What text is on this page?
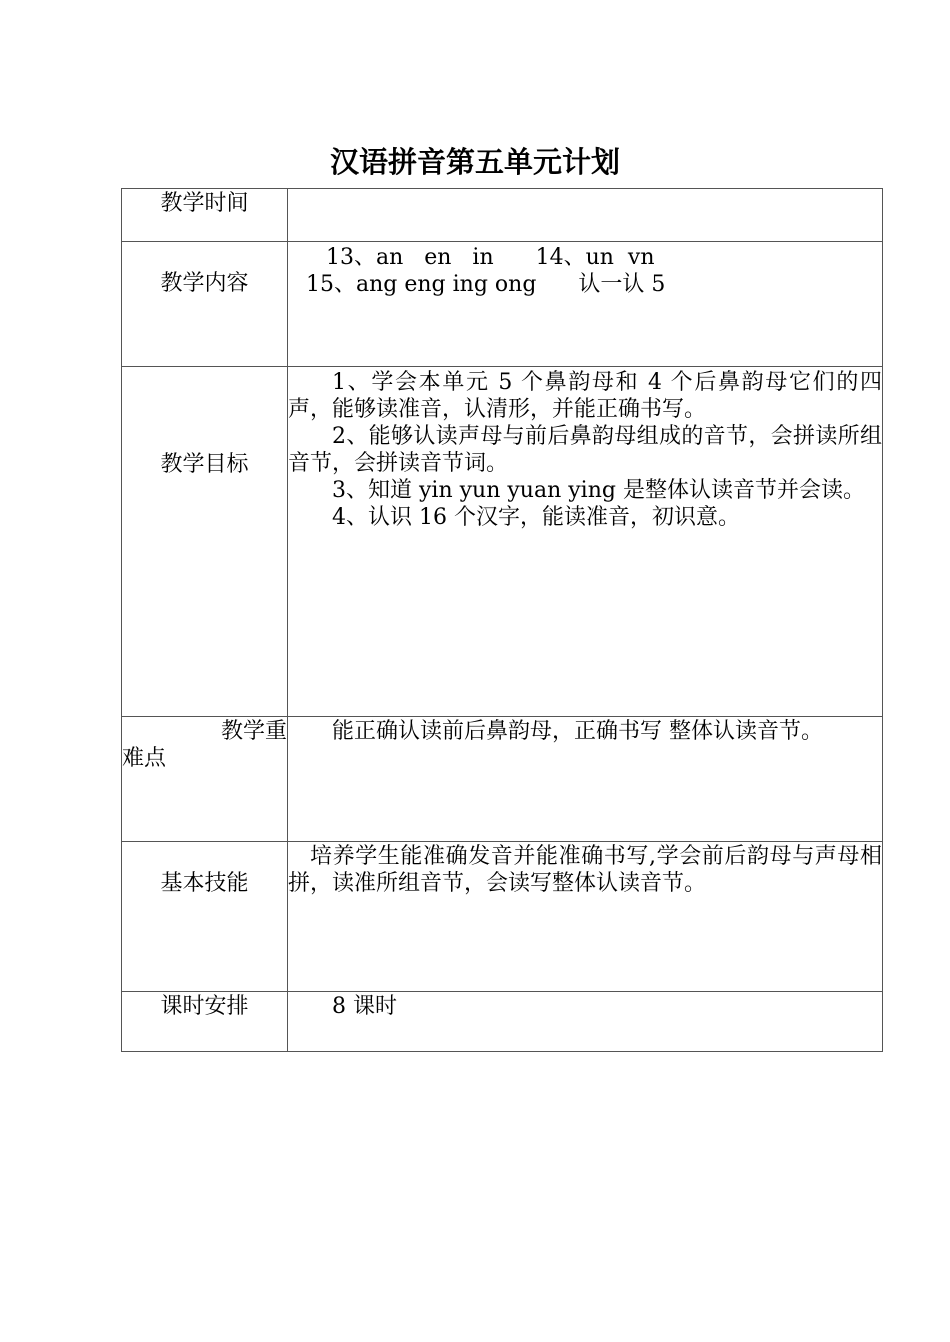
汉语拼音第五单元计划
教学时间	

教学内容	13、an   en   in      14、un  vn
15、ang eng ing ong      认一认 5

教学目标	1、学会本单元 5 个鼻韵母和 4 个后鼻韵母它们的四声，能够读准音，认清形，并能正确书写。

2、能够认读声母与前后鼻韵母组成的音节，会拼读所组音节，会拼读音节词。

3、知道 yin yun yuan ying 是整体认读音节并会读。

4、认识 16 个汉字，能读准音，初识意。

教学重
难点	能正确认读前后鼻韵母，正确书写 整体认读音节。

基本技能	培养学生能准确发音并能准确书写,学会前后韵母与声母相拼，读准所组音节，会读写整体认读音节。

课时安排	8 课时
